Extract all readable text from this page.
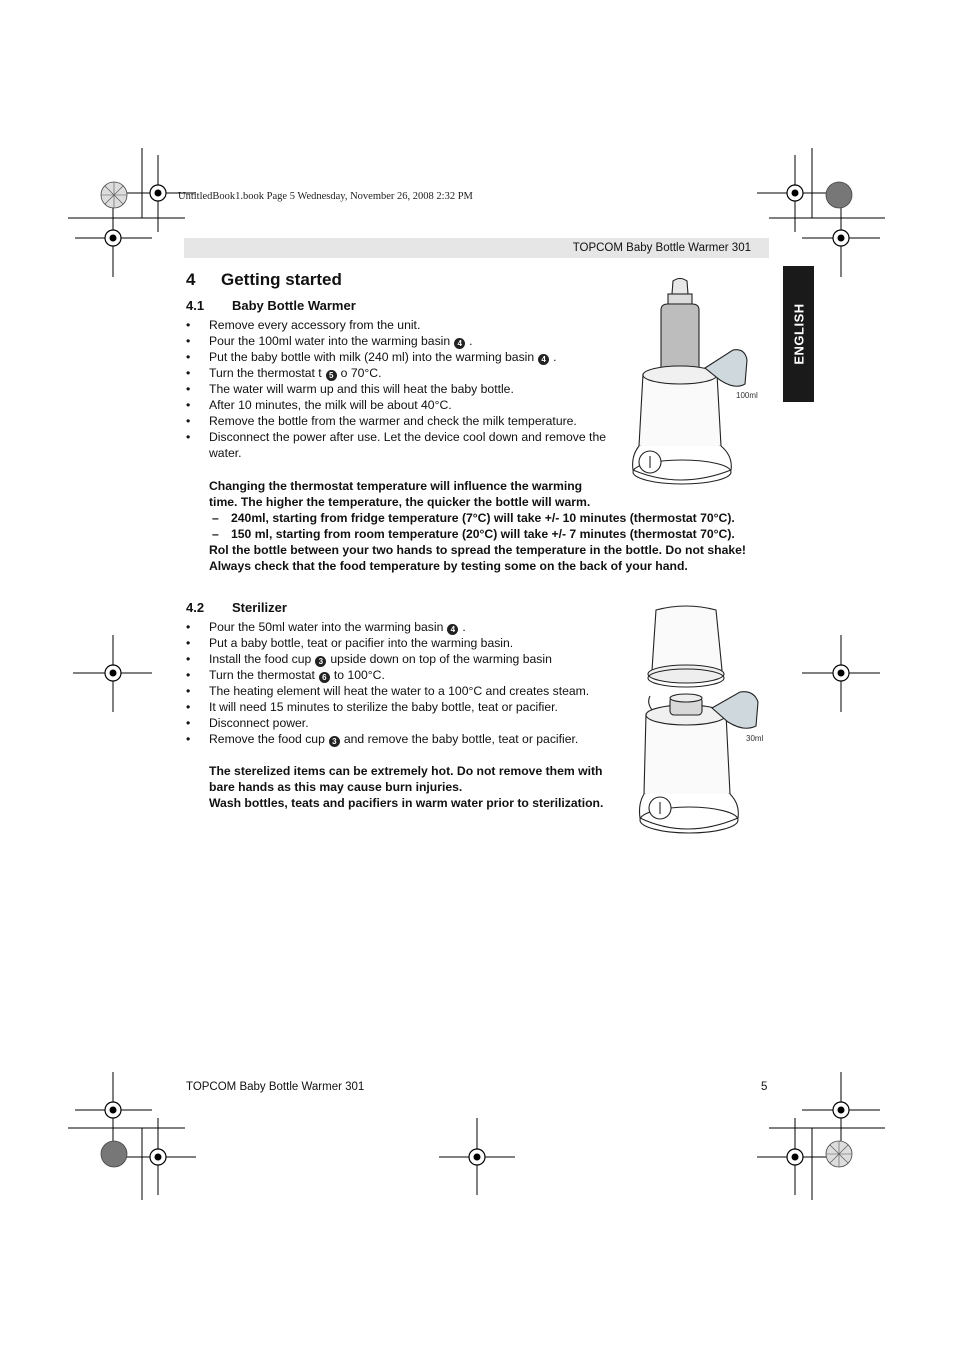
UntitledBook1.book Page 5 Wednesday, November 26, 2008 2:32 PM
TOPCOM Baby Bottle Warmer 301
ENGLISH
4 Getting started
4.1 Baby Bottle Warmer
• Remove every accessory from the unit.
• Pour the 100ml water into the warming basin 4 .
• Put the baby bottle with milk (240 ml) into the warming basin 4 .
• Turn the thermostat t 5 o 70°C.
• The water will warm up and this will heat the baby bottle.
• After 10 minutes, the milk will be about 40°C.
• Remove the bottle from the warmer and check the milk temperature.
• Disconnect the power after use. Let the device cool down and remove the water.
Changing the thermostat temperature will influence the warming
time. The higher the temperature, the quicker the bottle will warm.
– 240ml, starting from fridge temperature (7°C) will take +/- 10 minutes (thermostat 70°C).
– 150 ml, starting from room temperature (20°C) will take +/- 7 minutes (thermostat 70°C).
Rol the bottle between your two hands to spread the temperature in the bottle. Do not shake!
Always check that the food temperature by testing some on the back of your hand.
100ml
4.2 Sterilizer
• Pour the 50ml water into the warming basin 4 .
• Put a baby bottle, teat or pacifier into the warming basin.
• Install the food cup 3 upside down on top of the warming basin
• Turn the thermostat 6 to 100°C.
• The heating element will heat the water to a 100°C and creates steam.
• It will need 15 minutes to sterilize the baby bottle, teat or pacifier.
• Disconnect power.
• Remove the food cup 3 and remove the baby bottle, teat or pacifier.
The sterelized items can be extremely hot. Do not remove them with
bare hands as this may cause burn injuries.
Wash bottles, teats and pacifiers in warm water prior to sterilization.
30ml
TOPCOM Baby Bottle Warmer 301	5
